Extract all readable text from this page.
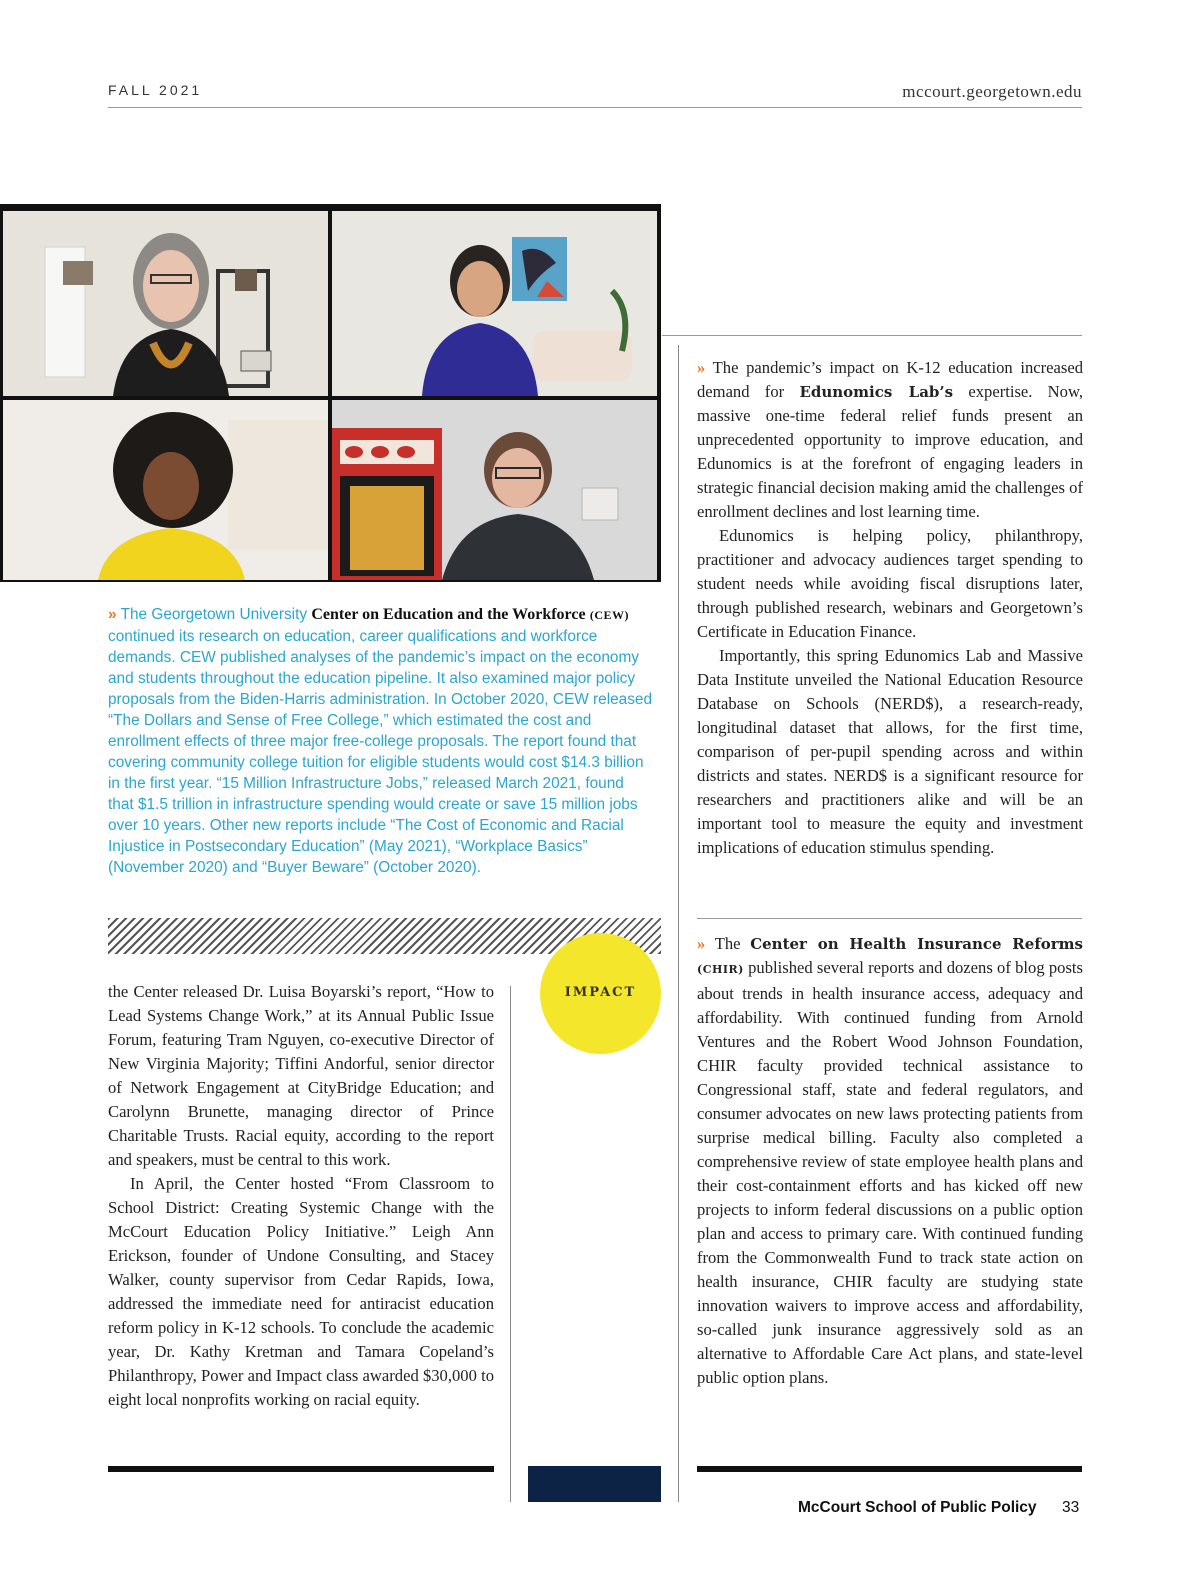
FALL 2021	mccourt.georgetown.edu
» The Georgetown University Center on Education and the Workforce (CEW) continued its research on education, career qualifications and workforce demands. CEW published analyses of the pandemic’s impact on the economy and students throughout the education pipeline. It also examined major policy proposals from the Biden-Harris administration. In October 2020, CEW released “The Dollars and Sense of Free College,” which estimated the cost and enrollment effects of three major free-college proposals. The report found that covering community college tuition for eligible students would cost $14.3 billion in the first year. “15 Million Infrastructure Jobs,” released March 2021, found that $1.5 trillion in infrastructure spending would create or save 15 million jobs over 10 years. Other new reports include “The Cost of Economic and Racial Injustice in Postsecondary Education” (May 2021), “Workplace Basics” (November 2020) and “Buyer Beware” (October 2020).
IMPACT

the Center released Dr. Luisa Boyarski’s report, “How to Lead Systems Change Work,” at its Annual Public Issue Forum, featuring Tram Nguyen, co-executive Director of New Virginia Majority; Tiffini Andorful, senior director of Network Engagement at CityBridge Education; and Carolynn Brunette, managing director of Prince Charitable Trusts. Racial equity, according to the report and speakers, must be central to this work.

In April, the Center hosted “From Classroom to School District: Creating Systemic Change with the McCourt Education Policy Initiative.” Leigh Ann Erickson, founder of Undone Consulting, and Stacey Walker, county supervisor from Cedar Rapids, Iowa, addressed the immediate need for antiracist education reform policy in K-12 schools. To conclude the academic year, Dr. Kathy Kretman and Tamara Copeland’s Philanthropy, Power and Impact class awarded $30,000 to eight local nonprofits working on racial equity.

» The pandemic’s impact on K-12 education increased demand for Edunomics Lab’s expertise. Now, massive one-time federal relief funds present an unprecedented opportunity to improve education, and Edunomics is at the forefront of engaging leaders in strategic financial decision making amid the challenges of enrollment declines and lost learning time.

Edunomics is helping policy, philanthropy, practitioner and advocacy audiences target spending to student needs while avoiding fiscal disruptions later, through published research, webinars and Georgetown’s Certificate in Education Finance.

Importantly, this spring Edunomics Lab and Massive Data Institute unveiled the National Education Resource Database on Schools (NERD$), a research-ready, longitudinal dataset that allows, for the first time, comparison of per-pupil spending across and within districts and states. NERD$ is a significant resource for researchers and practitioners alike and will be an important tool to measure the equity and investment implications of education stimulus spending.

» The Center on Health Insurance Reforms (CHIR) published several reports and dozens of blog posts about trends in health insurance access, adequacy and affordability. With continued funding from Arnold Ventures and the Robert Wood Johnson Foundation, CHIR faculty provided technical assistance to Congressional staff, state and federal regulators, and consumer advocates on new laws protecting patients from surprise medical billing. Faculty also completed a comprehensive review of state employee health plans and their cost-containment efforts and has kicked off new projects to inform federal discussions on a public option plan and access to primary care. With continued funding from the Commonwealth Fund to track state action on health insurance, CHIR faculty are studying state innovation waivers to improve access and affordability, so-called junk insurance aggressively sold as an alternative to Affordable Care Act plans, and state-level public option plans.

McCourt School of Public Policy 33
